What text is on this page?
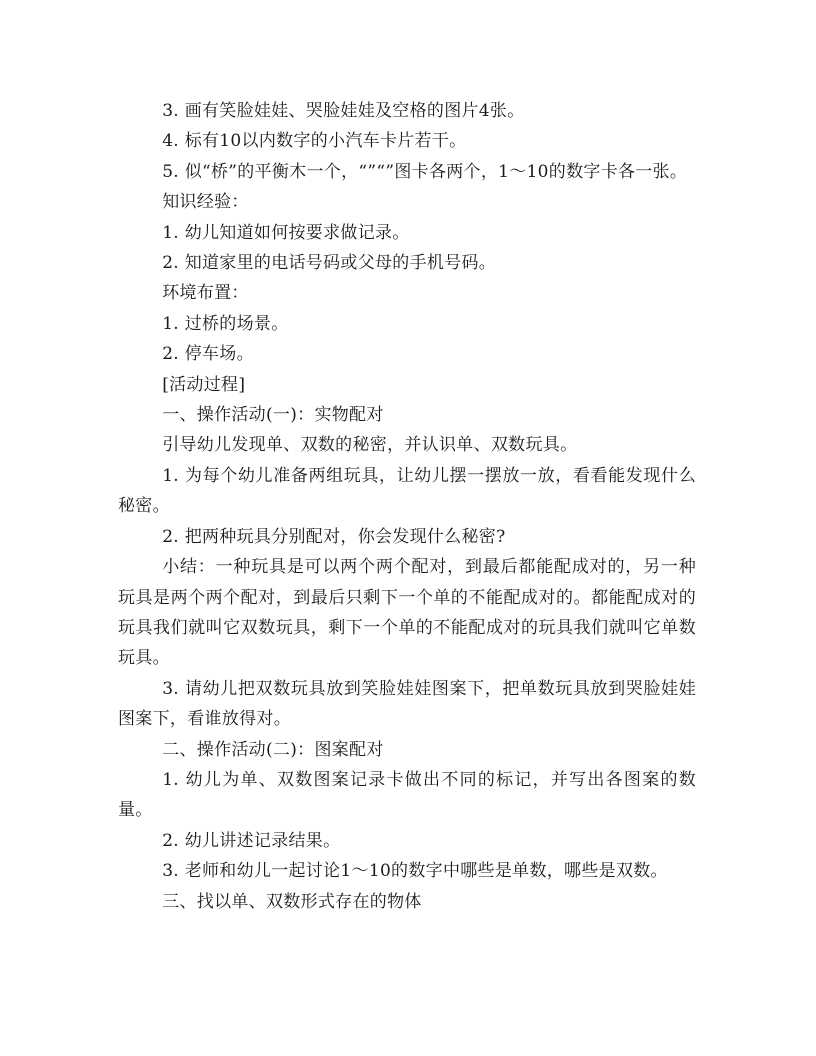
3. 画有笑脸娃娃、哭脸娃娃及空格的图片4张。

4. 标有10以内数字的小汽车卡片若干。

5. 似“桥”的平衡木一个，“”“”图卡各两个，1～10的数字卡各一张。

知识经验：

1. 幼儿知道如何按要求做记录。

2. 知道家里的电话号码或父母的手机号码。

环境布置：

1. 过桥的场景。

2. 停车场。

[活动过程]

一、操作活动(一)：实物配对

引导幼儿发现单、双数的秘密，并认识单、双数玩具。

1. 为每个幼儿准备两组玩具，让幼儿摆一摆放一放，看看能发现什么秘密。

2. 把两种玩具分别配对，你会发现什么秘密?

小结：一种玩具是可以两个两个配对，到最后都能配成对的，另一种玩具是两个两个配对，到最后只剩下一个单的不能配成对的。都能配成对的玩具我们就叫它双数玩具，剩下一个单的不能配成对的玩具我们就叫它单数玩具。

3. 请幼儿把双数玩具放到笑脸娃娃图案下，把单数玩具放到哭脸娃娃图案下，看谁放得对。

二、操作活动(二)：图案配对

1. 幼儿为单、双数图案记录卡做出不同的标记，并写出各图案的数量。

2. 幼儿讲述记录结果。

3. 老师和幼儿一起讨论1～10的数字中哪些是单数，哪些是双数。

三、找以单、双数形式存在的物体
